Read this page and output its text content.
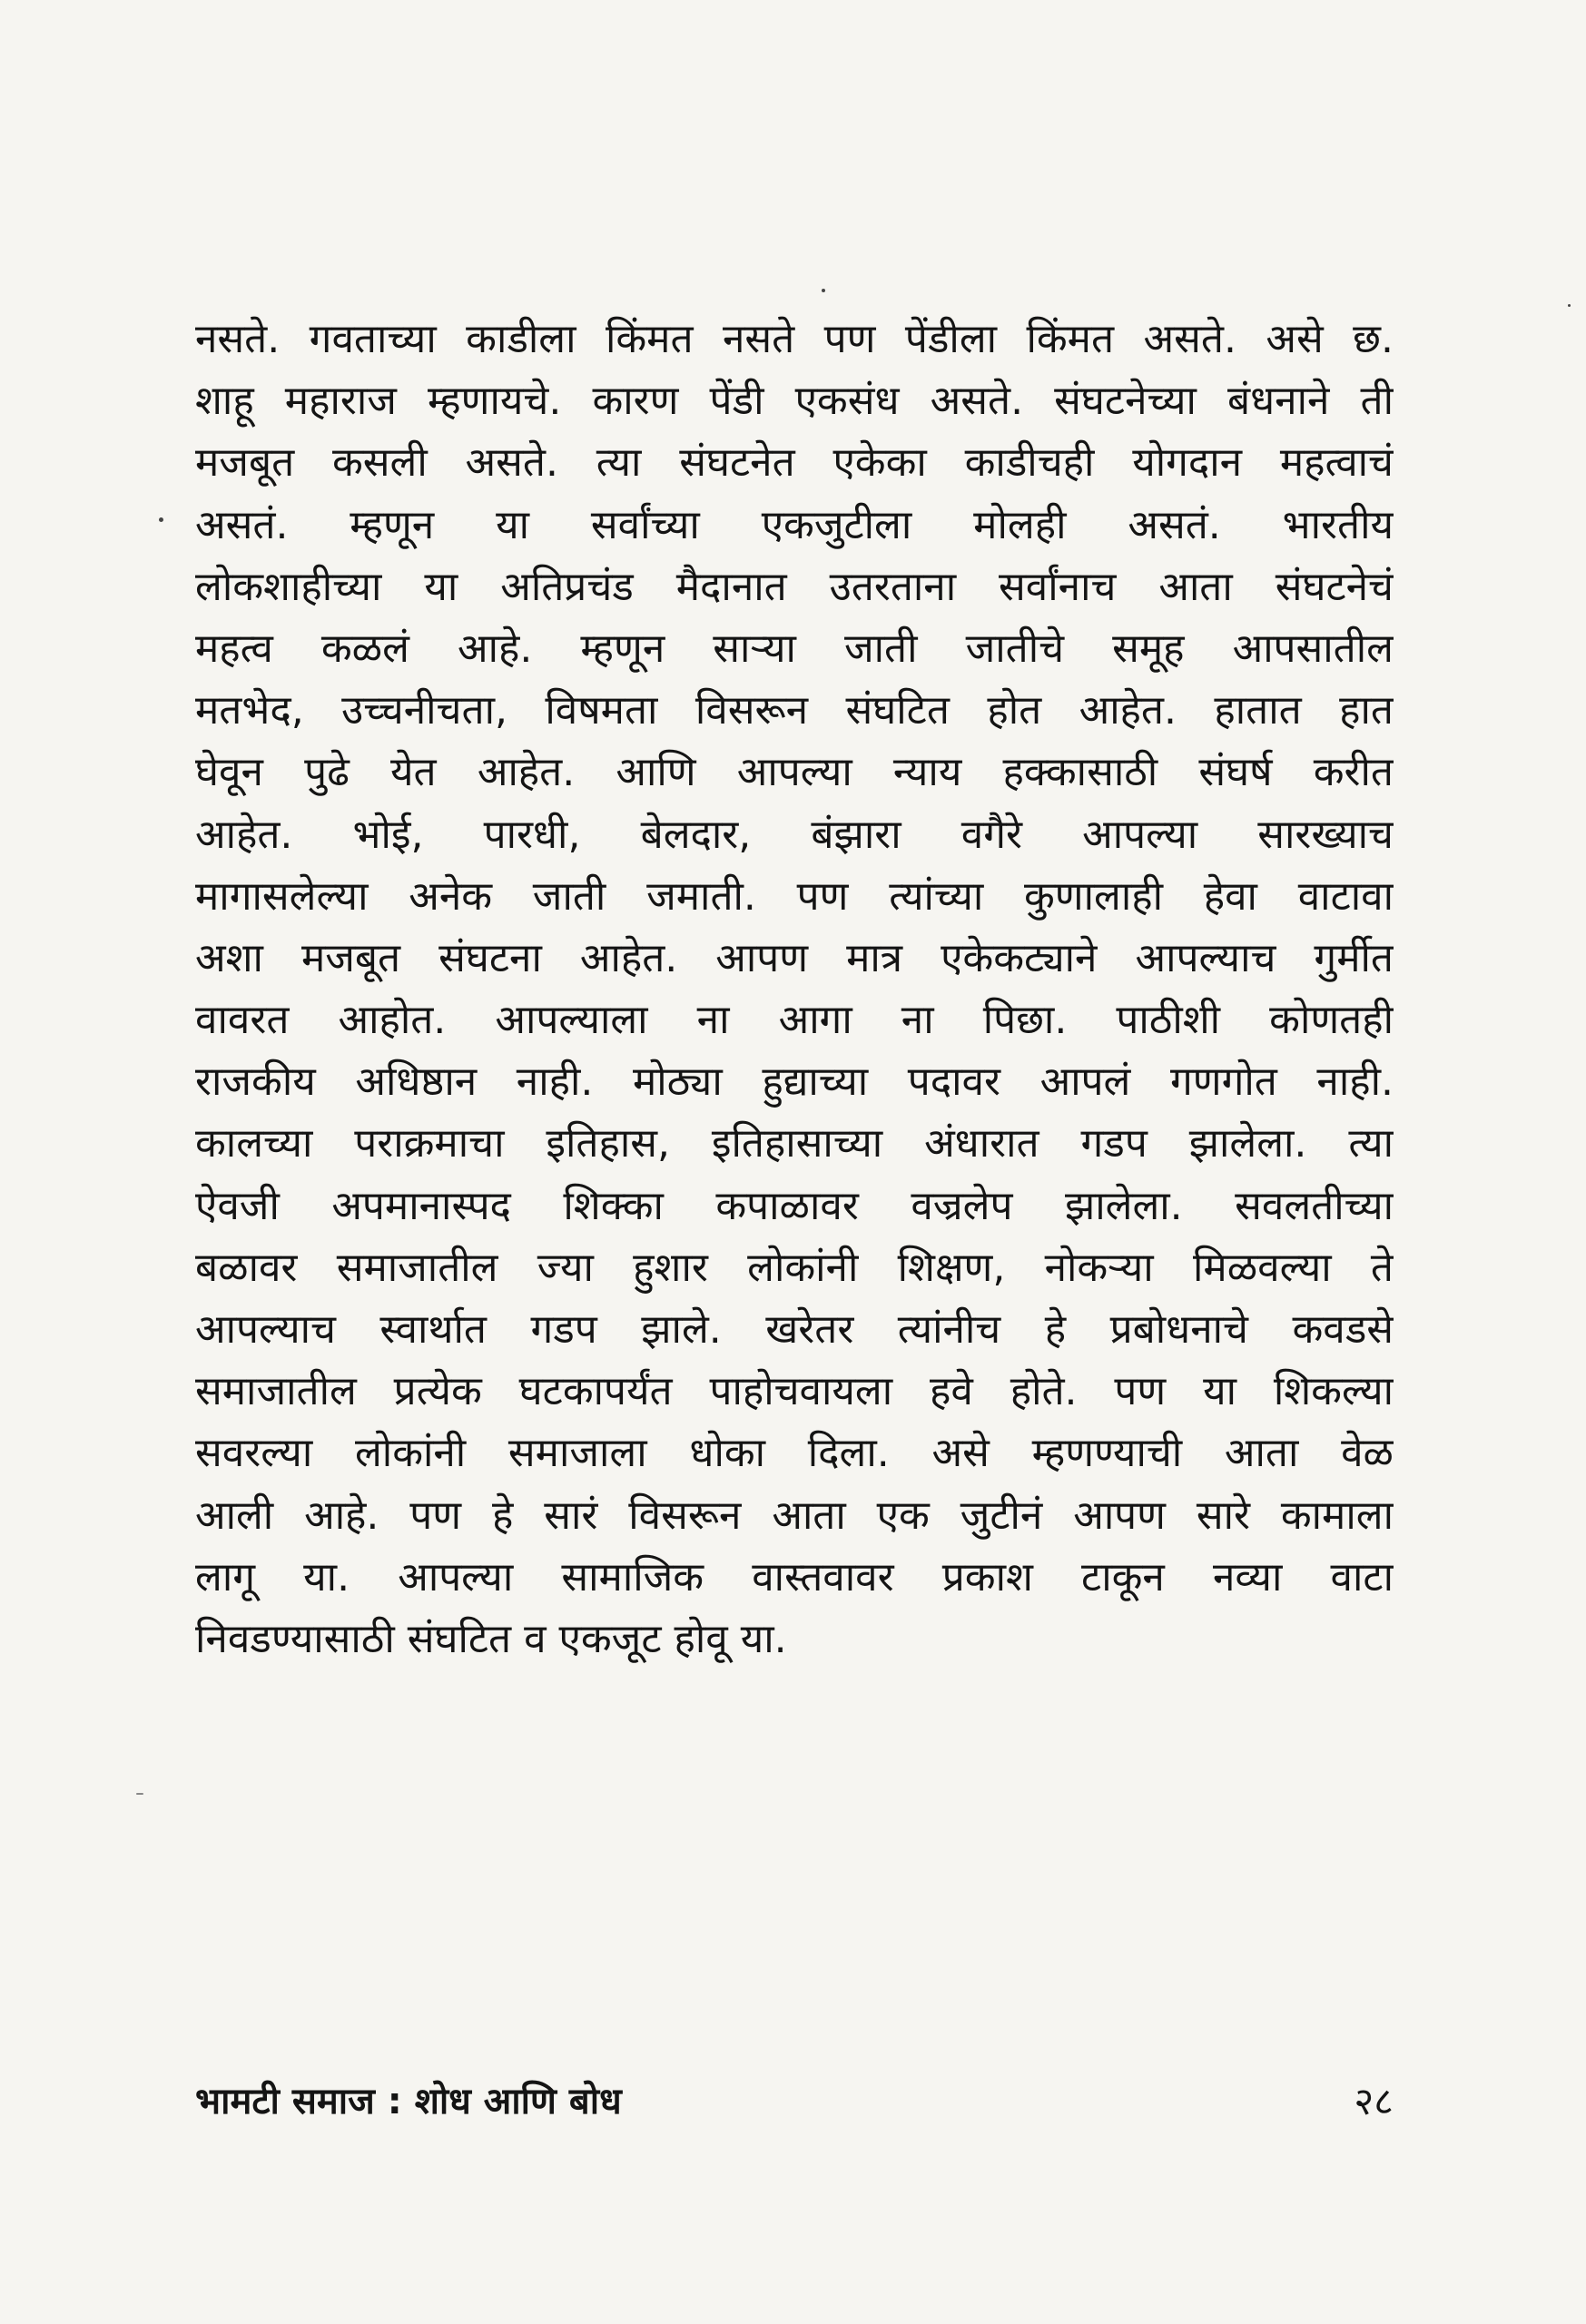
नसते. गवताच्या काडीला किंमत नसते पण पेंडीला किंमत असते. असे छ.
शाहू महाराज म्हणायचे. कारण पेंडी एकसंध असते. संघटनेच्या बंधनाने ती
मजबूत कसली असते. त्या संघटनेत एकेका काडीचही योगदान महत्वाचं
असतं. म्हणून या सर्वांच्या एकजुटीला मोलही असतं. भारतीय
लोकशाहीच्या या अतिप्रचंड मैदानात उतरताना सर्वांनाच आता संघटनेचं
महत्व कळलं आहे. म्हणून साऱ्या जाती जातीचे समूह आपसातील
मतभेद, उच्चनीचता, विषमता विसरून संघटित होत आहेत. हातात हात
घेवून पुढे येत आहेत. आणि आपल्या न्याय हक्कासाठी संघर्ष करीत
आहेत. भोई, पारधी, बेलदार, बंझारा वगैरे आपल्या सारख्याच
मागासलेल्या अनेक जाती जमाती. पण त्यांच्या कुणालाही हेवा वाटावा
अशा मजबूत संघटना आहेत. आपण मात्र एकेकट्याने आपल्याच गुर्मीत
वावरत आहोत. आपल्याला ना आगा ना पिछा. पाठीशी कोणतही
राजकीय अधिष्ठान नाही. मोठ्या हुद्याच्या पदावर आपलं गणगोत नाही.
कालच्या पराक्रमाचा इतिहास, इतिहासाच्या अंधारात गडप झालेला. त्या
ऐवजी अपमानास्पद शिक्का कपाळावर वज्रलेप झालेला. सवलतीच्या
बळावर समाजातील ज्या हुशार लोकांनी शिक्षण, नोकऱ्या मिळवल्या ते
आपल्याच स्वार्थात गडप झाले. खरेतर त्यांनीच हे प्रबोधनाचे कवडसे
समाजातील प्रत्येक घटकापर्यंत पाहोचवायला हवे होते. पण या शिकल्या
सवरल्या लोकांनी समाजाला धोका दिला. असे म्हणण्याची आता वेळ
आली आहे. पण हे सारं विसरून आता एक जुटीनं आपण सारे कामाला
लागू या. आपल्या सामाजिक वास्तवावर प्रकाश टाकून नव्या वाटा
निवडण्यासाठी संघटित व एकजूट होवू या.
भामटी समाज : शोध आणि बोध	२८
